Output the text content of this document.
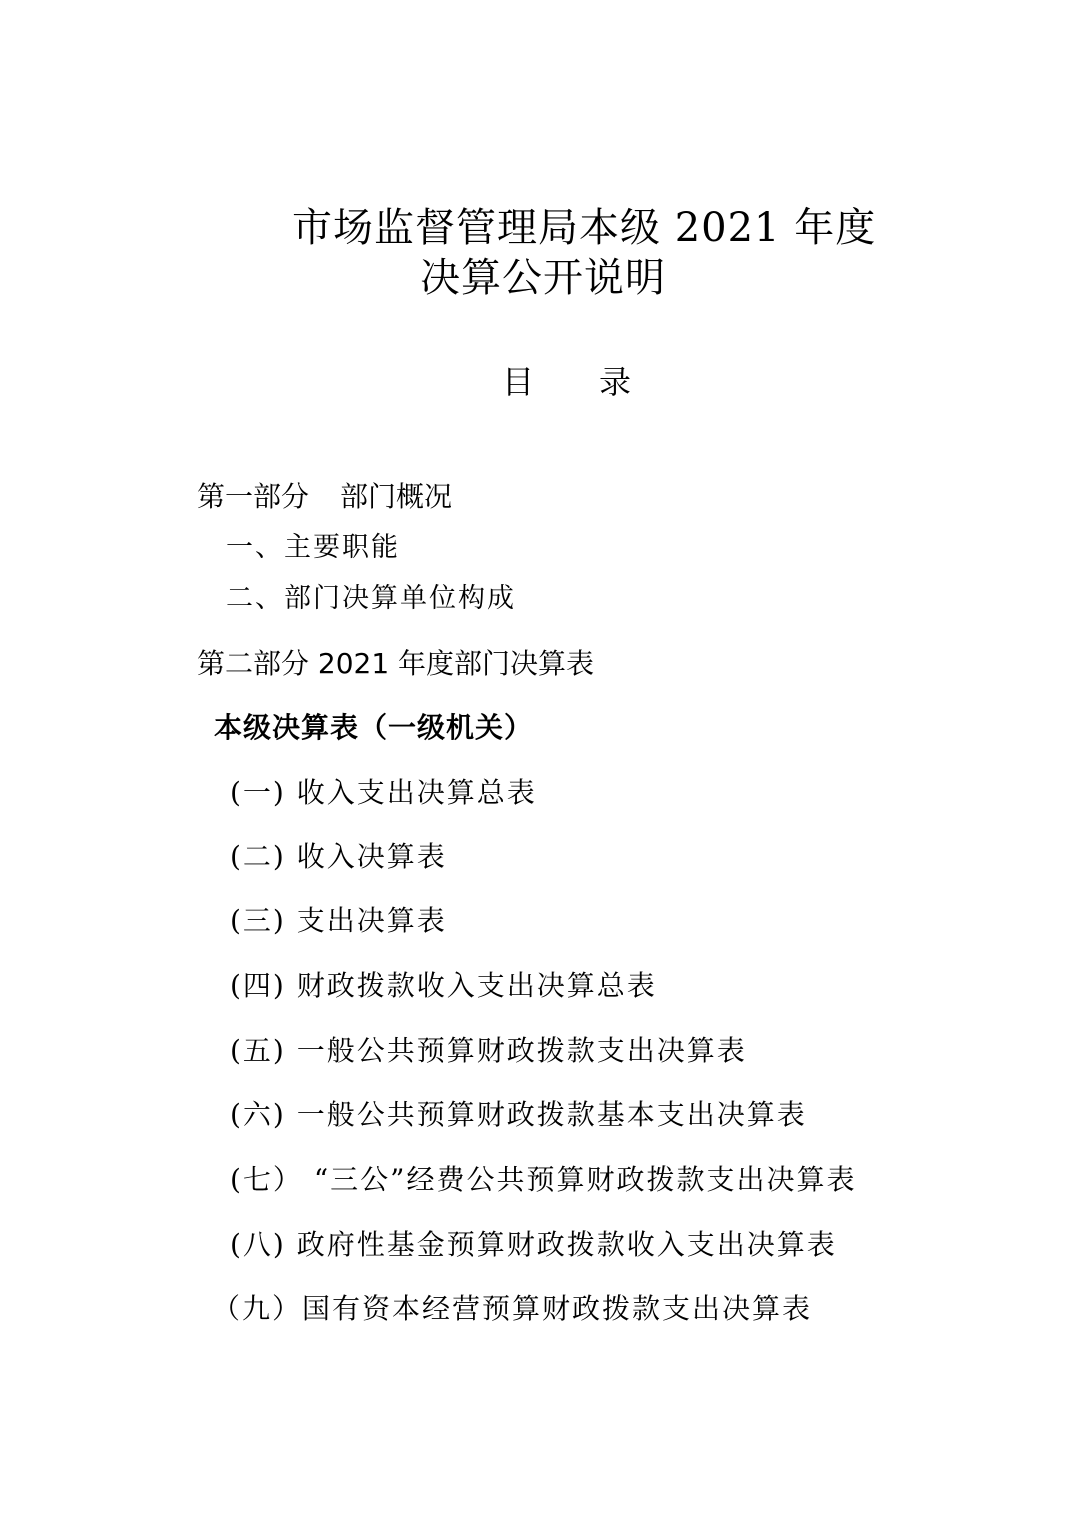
市场监督管理局本级 2021 年度
决算公开说明
目 录
第一部分 部门概况
一、主要职能
二、部门决算单位构成
第二部分 2021 年度部门决算表
本级决算表（一级机关）
(一) 收入支出决算总表
(二) 收入决算表
(三) 支出决算表
(四) 财政拨款收入支出决算总表
(五) 一般公共预算财政拨款支出决算表
(六) 一般公共预算财政拨款基本支出决算表
(七） “三公”经费公共预算财政拨款支出决算表
(八) 政府性基金预算财政拨款收入支出决算表
（九）国有资本经营预算财政拨款支出决算表
